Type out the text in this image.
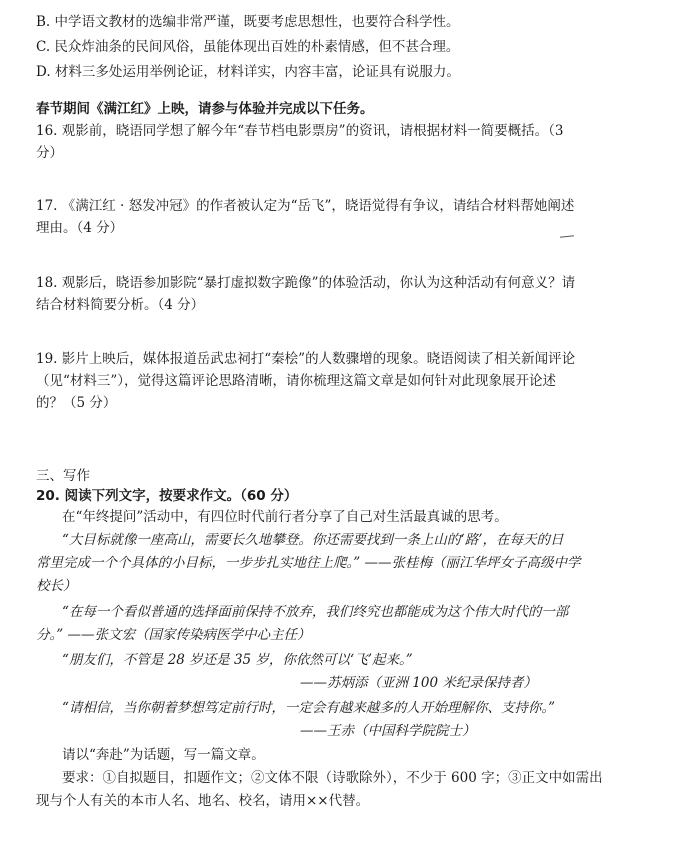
B. 中学语文教材的选编非常严谨，既要考虑思想性，也要符合科学性。
C. 民众炸油条的民间风俗，虽能体现出百姓的朴素情感，但不甚合理。
D. 材料三多处运用举例论证，材料详实，内容丰富，论证具有说服力。
春节期间《满江红》上映，请参与体验并完成以下任务。
16. 观影前，晓语同学想了解今年“春节档电影票房”的资讯，请根据材料一简要概括。（3
分）
17. 《满江红 · 怒发冲冠》的作者被认定为“岳飞”，晓语觉得有争议，请结合材料帮她阐述
理由。（4 分）
18. 观影后，晓语参加影院“暴打虚拟数字跪像”的体验活动，你认为这种活动有何意义？请
结合材料简要分析。（4 分）
19. 影片上映后，媒体报道岳武忠祠打“秦桧”的人数骤增的现象。晓语阅读了相关新闻评论
（见“材料三”），觉得这篇评论思路清晰，请你梳理这篇文章是如何针对此现象展开论述
的？（5 分）
三、写作
20. 阅读下列文字，按要求作文。（60 分）
在“年终提问”活动中，有四位时代前行者分享了自己对生活最真诚的思考。
“大目标就像一座高山，需要长久地攀登。你还需要找到一条上山的‘路’，在每天的日
常里完成一个个具体的小目标，一步步扎实地往上爬。” ——张桂梅（丽江华坪女子高级中学
校长）
“在每一个看似普通的选择面前保持不放弃，我们终究也都能成为这个伟大时代的一部
分。” ——张文宏（国家传染病医学中心主任）
“朋友们，不管是 28 岁还是 35 岁，你依然可以‘飞’起来。”
——苏炳添（亚洲 100 米纪录保持者）
“请相信，当你朝着梦想笃定前行时，一定会有越来越多的人开始理解你、支持你。”
——王赤（中国科学院院士）
请以“奔赴”为话题，写一篇文章。
要求：①自拟题目，扣题作文；②文体不限（诗歌除外），不少于 600 字；③正文中如需出
现与个人有关的本市人名、地名、校名，请用××代替。
